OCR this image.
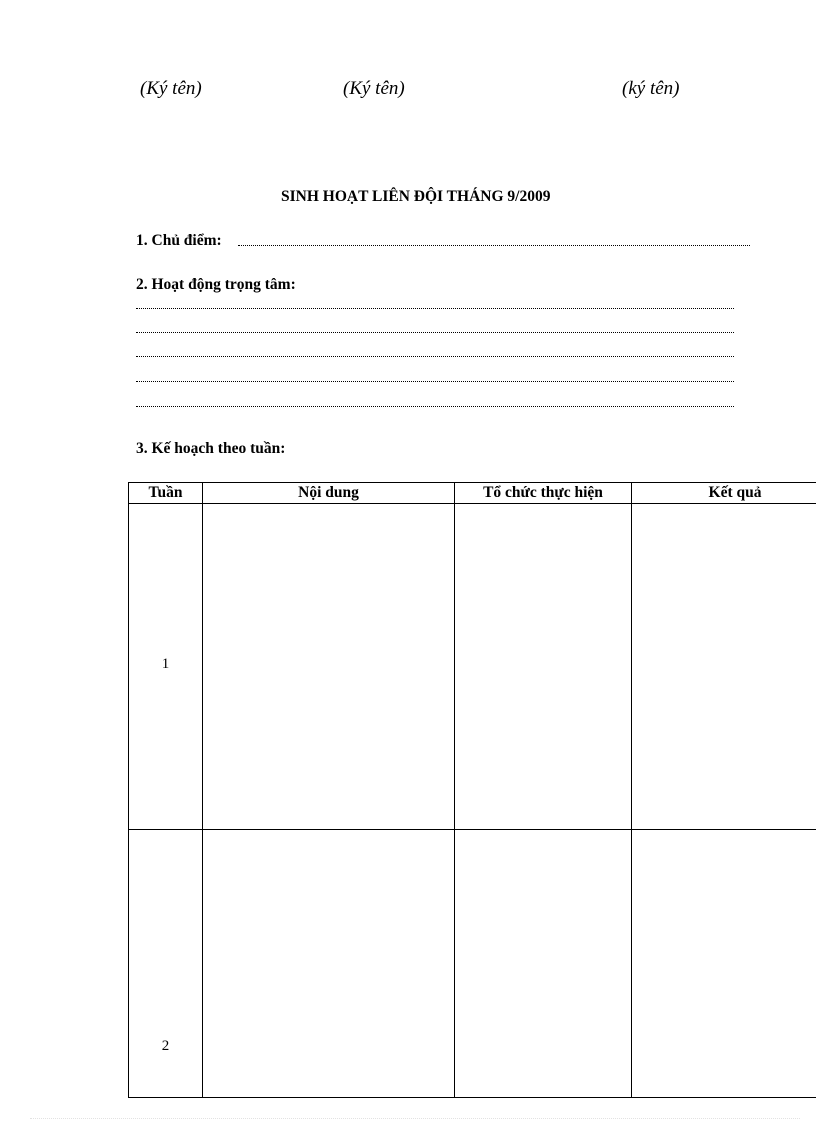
(Ký tên)	(Ký tên)	(ký tên)
SINH HOẠT LIÊN ĐỘI THÁNG 9/2009
1. Chủ điểm:
2. Hoạt động trọng tâm:
3. Kế hoạch theo tuần:
Tuần	Nội dung	Tổ chức thực hiện	Kết quả
1			
2			
